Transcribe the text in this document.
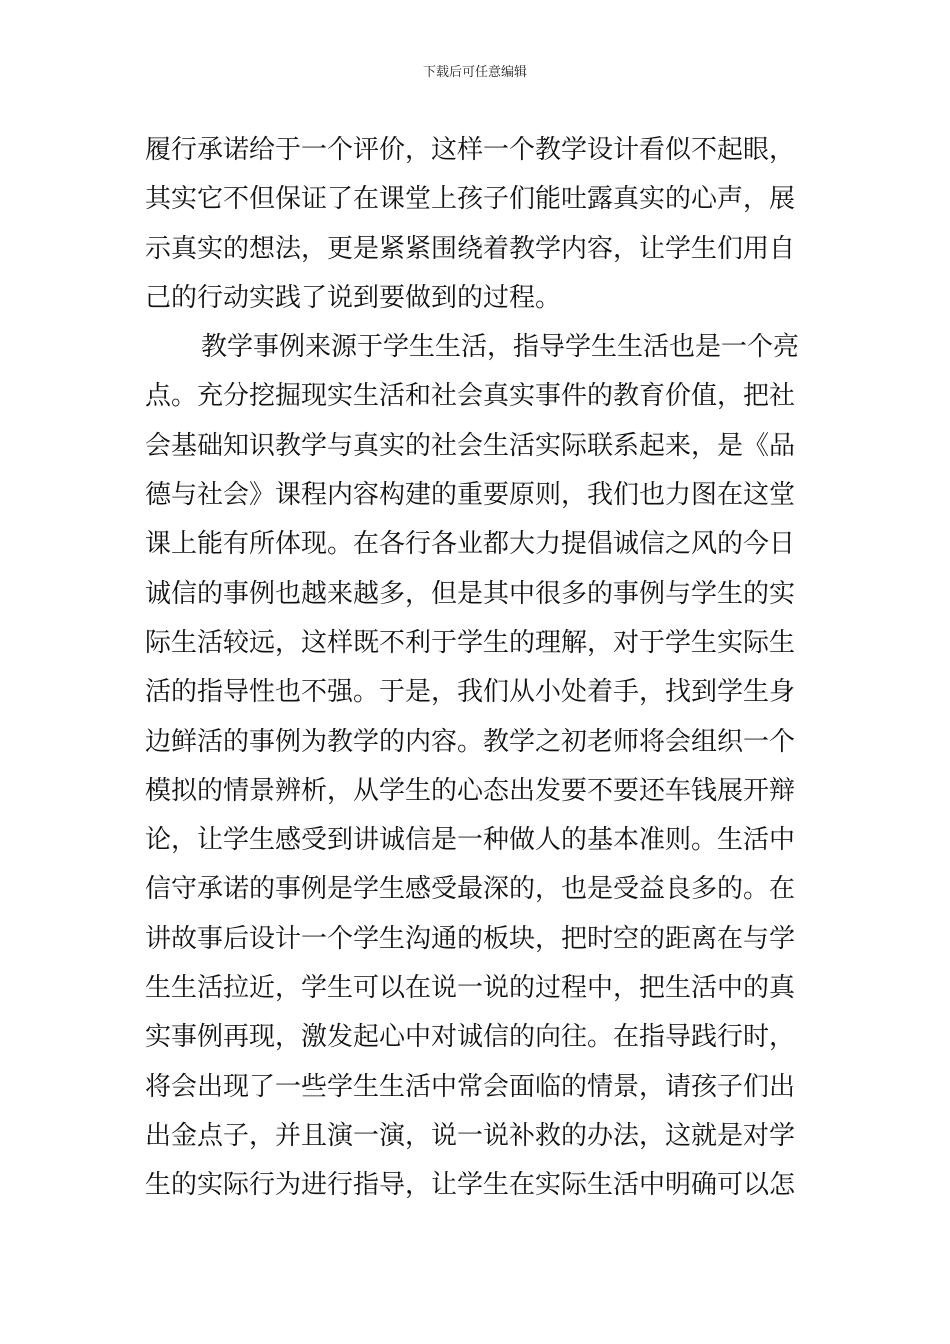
下载后可任意编辑
履行承诺给于一个评价，这样一个教学设计看似不起眼，
其实它不但保证了在课堂上孩子们能吐露真实的心声，展
示真实的想法，更是紧紧围绕着教学内容，让学生们用自
己的行动实践了说到要做到的过程。
教学事例来源于学生生活，指导学生生活也是一个亮
点。充分挖掘现实生活和社会真实事件的教育价值，把社
会基础知识教学与真实的社会生活实际联系起来，是《品
德与社会》课程内容构建的重要原则，我们也力图在这堂
课上能有所体现。在各行各业都大力提倡诚信之风的今日
诚信的事例也越来越多，但是其中很多的事例与学生的实
际生活较远，这样既不利于学生的理解，对于学生实际生
活的指导性也不强。于是，我们从小处着手，找到学生身
边鲜活的事例为教学的内容。教学之初老师将会组织一个
模拟的情景辨析，从学生的心态出发要不要还车钱展开辩
论，让学生感受到讲诚信是一种做人的基本准则。生活中
信守承诺的事例是学生感受最深的，也是受益良多的。在
讲故事后设计一个学生沟通的板块，把时空的距离在与学
生生活拉近，学生可以在说一说的过程中，把生活中的真
实事例再现，激发起心中对诚信的向往。在指导践行时，
将会出现了一些学生生活中常会面临的情景，请孩子们出
出金点子，并且演一演，说一说补救的办法，这就是对学
生的实际行为进行指导，让学生在实际生活中明确可以怎
